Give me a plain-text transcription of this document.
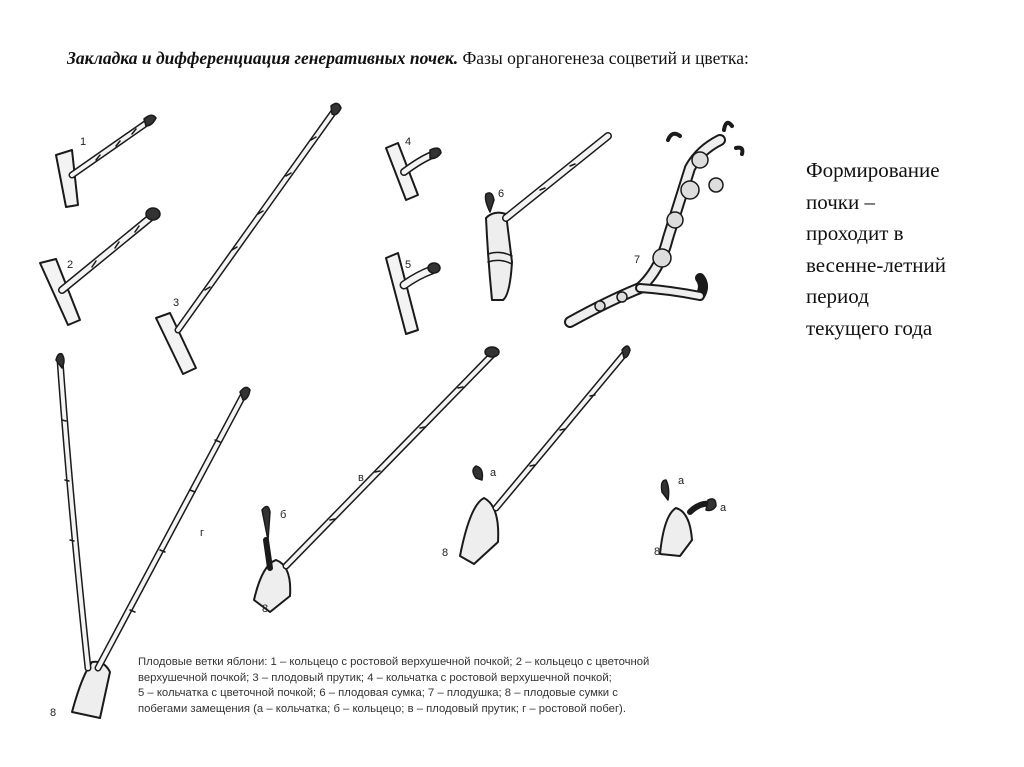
Закладка и дифференциация генеративных почек. Фазы органогенеза соцветий и цветка:
Формирование
почки –
проходит в
весенне-летний
период
текущего года
1
2
3
4
5
6
7
8
8
8	8
а
а
а
б
в
г
Плодовые ветки яблони: 1 – кольцецо с ростовой верхушечной почкой; 2 – кольцецо с цветочной
верхушечной почкой; 3 – плодовый прутик; 4 – кольчатка с ростовой верхушечной почкой;
5 – кольчатка с цветочной почкой; 6 – плодовая сумка; 7 – плодушка; 8 – плодовые сумки с
побегами замещения (а – кольчатка; б – кольцецо; в – плодовый прутик; г – ростовой побег).
